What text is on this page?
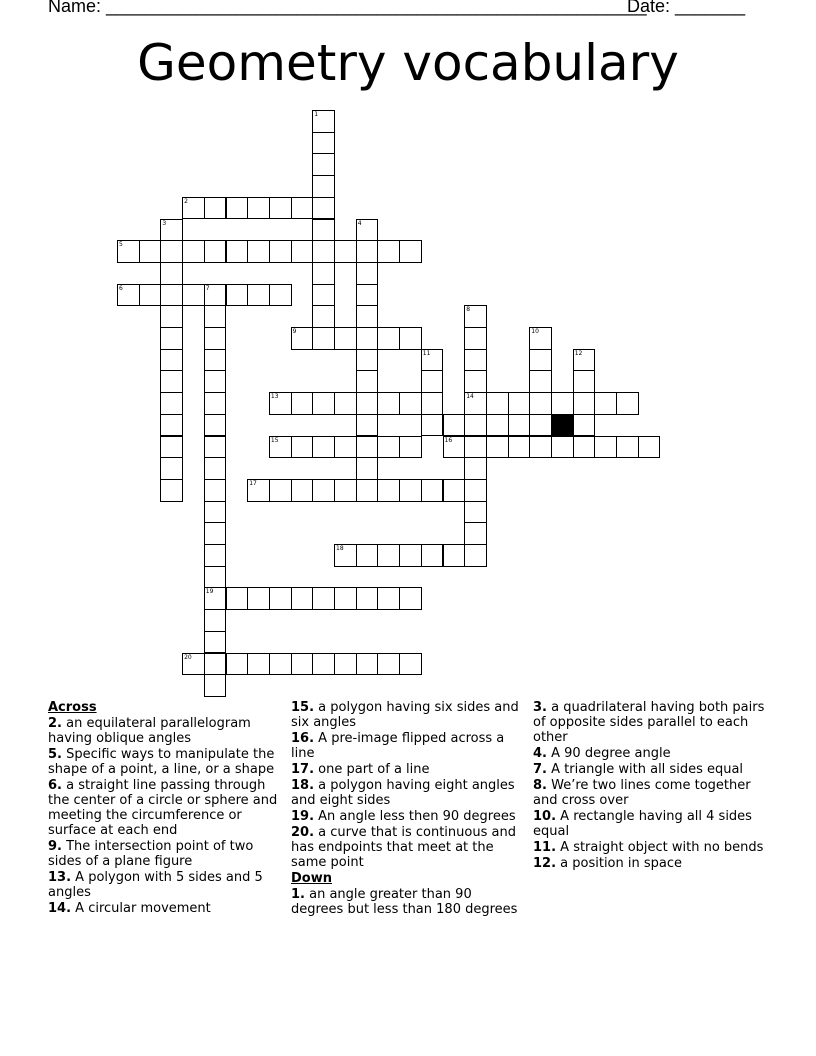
Name: ______________________________________________________
Date: _______
Geometry vocabulary
1
2
3	4
5
6	7
19
8
14
9	10
11	12
13
15	16
17
18
20
Across
2. an equilateral parallelogram having oblique angles
5. Specific ways to manipulate the shape of a point, a line, or a shape
6. a straight line passing through the center of a circle or sphere and meeting the circumference or surface at each end
9. The intersection point of two sides of a plane figure
13. A polygon with 5 sides and 5 angles
14. A circular movement
15. a polygon having six sides and six angles
16. A pre-image flipped across a line
17. one part of a line
18. a polygon having eight angles and eight sides
19. An angle less then 90 degrees
20. a curve that is continuous and has endpoints that meet at the same point
Down
1. an angle greater than 90 degrees but less than 180 degrees
3. a quadrilateral having both pairs of opposite sides parallel to each other
4. A 90 degree angle
7. A triangle with all sides equal
8. We’re two lines come together and cross over
10. A rectangle having all 4 sides equal
11. A straight object with no bends
12. a position in space
